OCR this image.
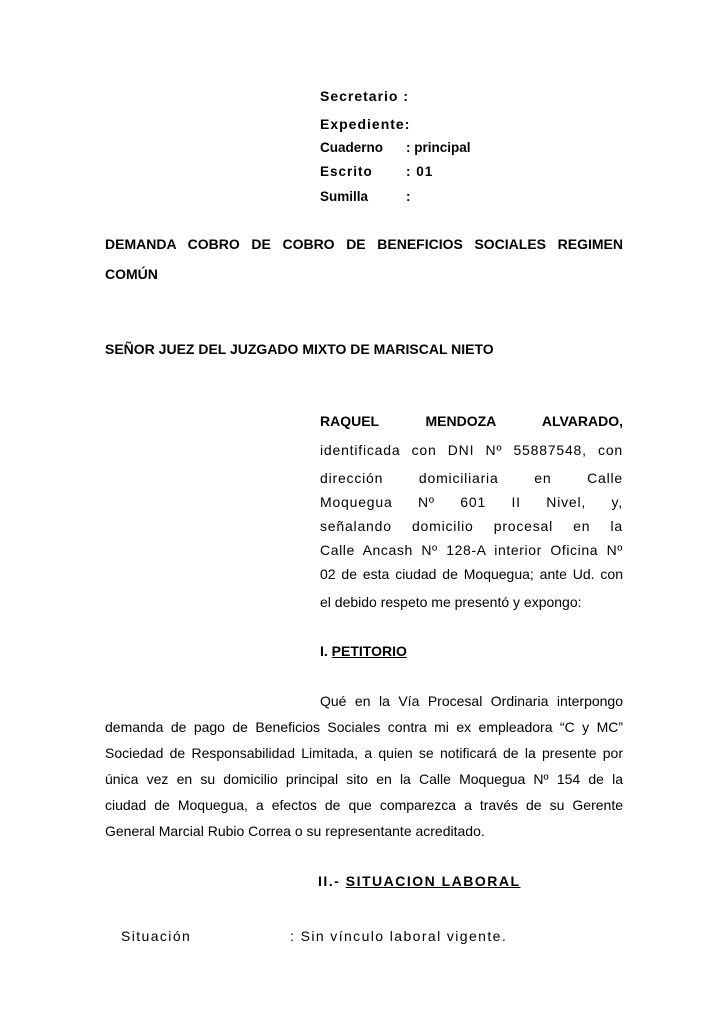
Secretario :
Expediente:
Cuaderno : principal
Escrito : 01
Sumilla	:
DEMANDA COBRO DE COBRO DE BENEFICIOS SOCIALES REGIMEN
COMÚN
SEÑOR JUEZ DEL JUZGADO MIXTO DE MARISCAL NIETO
RAQUEL MENDOZA ALVARADO,
identificada con DNI Nº 55887548, con
dirección domiciliaria en Calle
Moquegua Nº 601 II Nivel, y,
señalando domicilio procesal en la
Calle Ancash Nº 128-A interior Oficina Nº
02 de esta ciudad de Moquegua; ante Ud. con
el debido respeto me presentó y expongo:
I. PETITORIO
Qué en la Vía Procesal Ordinaria interpongo
demanda de pago de Beneficios Sociales contra mi ex empleadora “C y MC”
Sociedad de Responsabilidad Limitada, a quien se notificará de la presente por
única vez en su domicilio principal sito en la Calle Moquegua Nº 154 de la
ciudad de Moquegua, a efectos de que comparezca a través de su Gerente
General Marcial Rubio Correa o su representante acreditado.
II.- SITUACION LABORAL
Situación	: Sin vínculo laboral vigente.
